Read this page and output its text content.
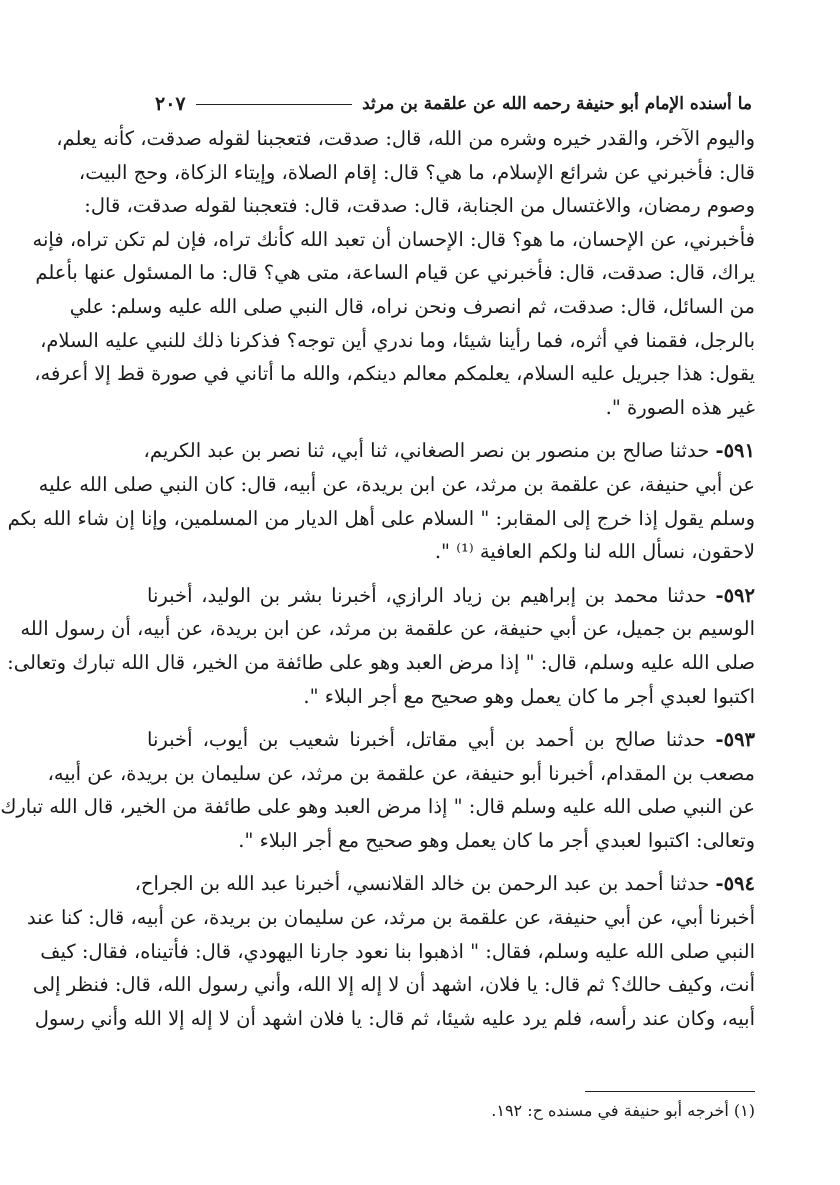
ما أسنده الإمام أبو حنيفة رحمه الله عن علقمة بن مرثد
٢٠٧

واليوم الآخر، والقدر خيره وشره من الله، قال: صدقت، فتعجبنا لقوله صدقت، كأنه يعلم،
قال: فأخبرني عن شرائع الإسلام، ما هي؟ قال: إقام الصلاة، وإيتاء الزكاة، وحج البيت،
وصوم رمضان، والاغتسال من الجنابة، قال: صدقت، قال: فتعجبنا لقوله صدقت، قال:
فأخبرني، عن الإحسان، ما هو؟ قال: الإحسان أن تعبد الله كأنك تراه، فإن لم تكن تراه، فإنه
يراك، قال: صدقت، قال: فأخبرني عن قيام الساعة، متى هي؟ قال: ما المسئول عنها بأعلم
من السائل، قال: صدقت، ثم انصرف ونحن نراه، قال النبي صلى الله عليه وسلم: علي
بالرجل، فقمنا في أثره، فما رأينا شيئا، وما ندري أين توجه؟ فذكرنا ذلك للنبي عليه السلام،
يقول: هذا جبريل عليه السلام، يعلمكم معالم دينكم، والله ما أتاني في صورة قط إلا أعرفه،
غير هذه الصورة ".

٥٩١- حدثنا صالح بن منصور بن نصر الصغاني، ثنا أبي، ثنا نصر بن عبد الكريم،
عن أبي حنيفة، عن علقمة بن مرثد، عن ابن بريدة، عن أبيه، قال: كان النبي صلى الله عليه
وسلم يقول إذا خرج إلى المقابر: " السلام على أهل الديار من المسلمين، وإنا إن شاء الله بكم
لاحقون، نسأل الله لنا ولكم العافية ⁽¹⁾ ".

٥٩٢- حدثنا محمد بن إبراهيم بن زياد الرازي، أخبرنا بشر بن الوليد، أخبرنا
الوسيم بن جميل، عن أبي حنيفة، عن علقمة بن مرثد، عن ابن بريدة، عن أبيه، أن رسول الله
صلى الله عليه وسلم، قال: " إذا مرض العبد وهو على طائفة من الخير، قال الله تبارك وتعالى:
اكتبوا لعبدي أجر ما كان يعمل وهو صحيح مع أجر البلاء ".

٥٩٣- حدثنا صالح بن أحمد بن أبي مقاتل، أخبرنا شعيب بن أيوب، أخبرنا
مصعب بن المقدام، أخبرنا أبو حنيفة، عن علقمة بن مرثد، عن سليمان بن بريدة، عن أبيه،
عن النبي صلى الله عليه وسلم قال: " إذا مرض العبد وهو على طائفة من الخير، قال الله تبارك
وتعالى: اكتبوا لعبدي أجر ما كان يعمل وهو صحيح مع أجر البلاء ".

٥٩٤- حدثنا أحمد بن عبد الرحمن بن خالد القلانسي، أخبرنا عبد الله بن الجراح،
أخبرنا أبي، عن أبي حنيفة، عن علقمة بن مرثد، عن سليمان بن بريدة، عن أبيه، قال: كنا عند
النبي صلى الله عليه وسلم، فقال: " اذهبوا بنا نعود جارنا اليهودي، قال: فأتيناه، فقال: كيف
أنت، وكيف حالك؟ ثم قال: يا فلان، اشهد أن لا إله إلا الله، وأني رسول الله، قال: فنظر إلى
أبيه، وكان عند رأسه، فلم يرد عليه شيئا، ثم قال: يا فلان اشهد أن لا إله إلا الله وأني رسول

(١) أخرجه أبو حنيفة في مسنده ح: ١٩٢.
